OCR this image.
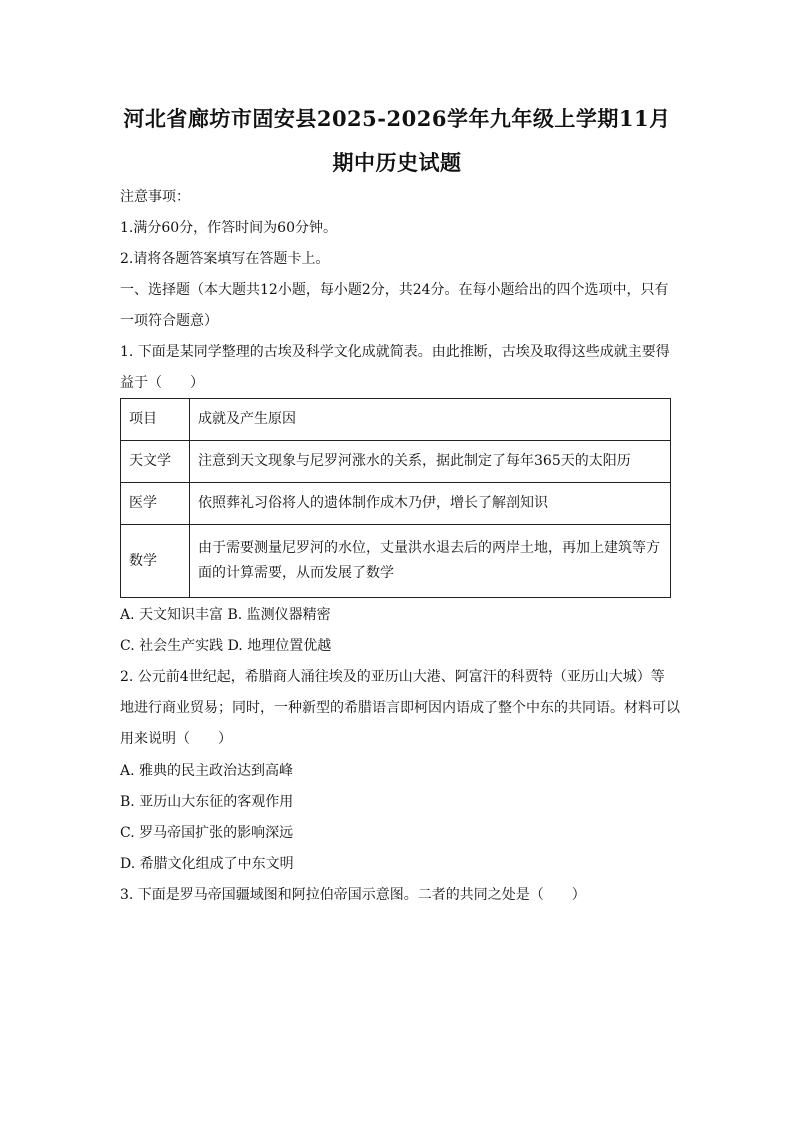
河北省廊坊市固安县2025-2026学年九年级上学期11月
期中历史试题
注意事项：
1.满分60分，作答时间为60分钟。
2.请将各题答案填写在答题卡上。
一、选择题（本大题共12小题，每小题2分，共24分。在每小题给出的四个选项中，只有
一项符合题意）
1. 下面是某同学整理的古埃及科学文化成就简表。由此推断，古埃及取得这些成就主要得
益于（　　）
项目	成就及产生原因
天文学	注意到天文现象与尼罗河涨水的关系，据此制定了每年365天的太阳历
医学	依照葬礼习俗将人的遗体制作成木乃伊，增长了解剖知识
数学	由于需要测量尼罗河的水位，丈量洪水退去后的两岸土地，再加上建筑等方
面的计算需要，从而发展了数学
A. 天文知识丰富 B. 监测仪器精密
C. 社会生产实践 D. 地理位置优越
2. 公元前4世纪起，希腊商人涌往埃及的亚历山大港、阿富汗的科贾特（亚历山大城）等
地进行商业贸易；同时，一种新型的希腊语言即柯因内语成了整个中东的共同语。材料可以
用来说明（　　）
A. 雅典的民主政治达到高峰
B. 亚历山大东征的客观作用
C. 罗马帝国扩张的影响深远
D. 希腊文化组成了中东文明
3. 下面是罗马帝国疆域图和阿拉伯帝国示意图。二者的共同之处是（　　）
